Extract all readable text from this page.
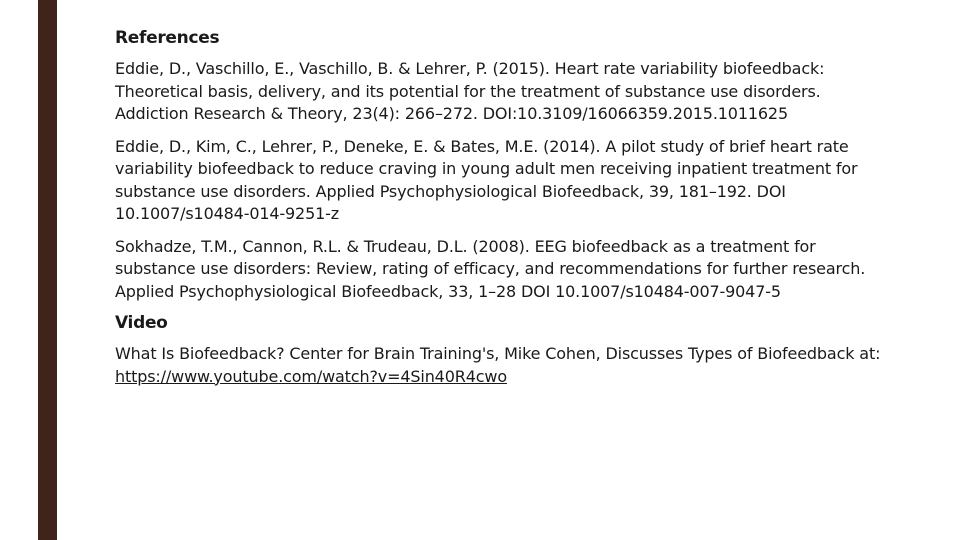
References
Eddie, D., Vaschillo, E., Vaschillo, B. & Lehrer, P. (2015). Heart rate variability biofeedback:
Theoretical basis, delivery, and its potential for the treatment of substance use disorders.
Addiction Research & Theory, 23(4): 266–272. DOI:10.3109/16066359.2015.1011625
Eddie, D., Kim, C., Lehrer, P., Deneke, E. & Bates, M.E. (2014). A pilot study of brief heart rate
variability biofeedback to reduce craving in young adult men receiving inpatient treatment for
substance use disorders. Applied Psychophysiological Biofeedback, 39, 181–192. DOI
10.1007/s10484-014-9251-z
Sokhadze, T.M., Cannon, R.L. & Trudeau, D.L. (2008). EEG biofeedback as a treatment for
substance use disorders: Review, rating of efficacy, and recommendations for further research.
Applied Psychophysiological Biofeedback, 33, 1–28 DOI 10.1007/s10484-007-9047-5
Video
What Is Biofeedback? Center for Brain Training's, Mike Cohen, Discusses Types of Biofeedback at:
https://www.youtube.com/watch?v=4Sin40R4cwo
